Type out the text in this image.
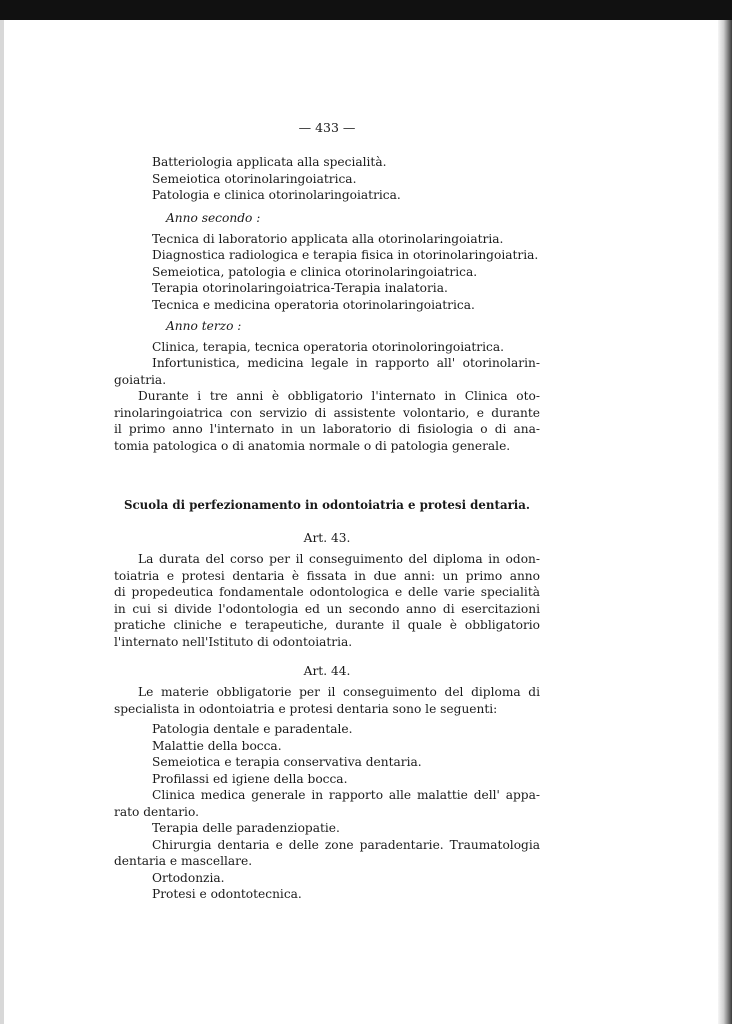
— 433 —
Batteriologia applicata alla specialità.
Semeiotica otorinolaringoiatrica.
Patologia e clinica otorinolaringoiatrica.
Anno secondo :
Tecnica di laboratorio applicata alla otorinolaringoiatria.
Diagnostica radiologica e terapia fisica in otorinolaringoiatria.
Semeiotica, patologia e clinica otorinolaringoiatrica.
Terapia otorinolaringoiatrica-Terapia inalatoria.
Tecnica e medicina operatoria otorinolaringoiatrica.
Anno terzo :
Clinica, terapia, tecnica operatoria otorinoloringoiatrica.
Infortunistica, medicina legale in rapporto all' otorinolarin-
goiatria.
Durante i tre anni è obbligatorio l'internato in Clinica oto-
rinolaringoiatrica con servizio di assistente volontario, e durante
il primo anno l'internato in un laboratorio di fisiologia o di ana-
tomia patologica o di anatomia normale o di patologia generale.
Scuola di perfezionamento in odontoiatria e protesi dentaria.
Art. 43.
La durata del corso per il conseguimento del diploma in odon-
toiatria e protesi dentaria è fissata in due anni: un primo anno
di propedeutica fondamentale odontologica e delle varie specialità
in cui si divide l'odontologia ed un secondo anno di esercitazioni
pratiche cliniche e terapeutiche, durante il quale è obbligatorio
l'internato nell'Istituto di odontoiatria.
Art. 44.
Le materie obbligatorie per il conseguimento del diploma di
specialista in odontoiatria e protesi dentaria sono le seguenti:
Patologia dentale e paradentale.
Malattie della bocca.
Semeiotica e terapia conservativa dentaria.
Profilassi ed igiene della bocca.
Clinica medica generale in rapporto alle malattie dell' appa-
rato dentario.
Terapia delle paradenziopatie.
Chirurgia dentaria e delle zone paradentarie. Traumatologia
dentaria e mascellare.
Ortodonzia.
Protesi e odontotecnica.
